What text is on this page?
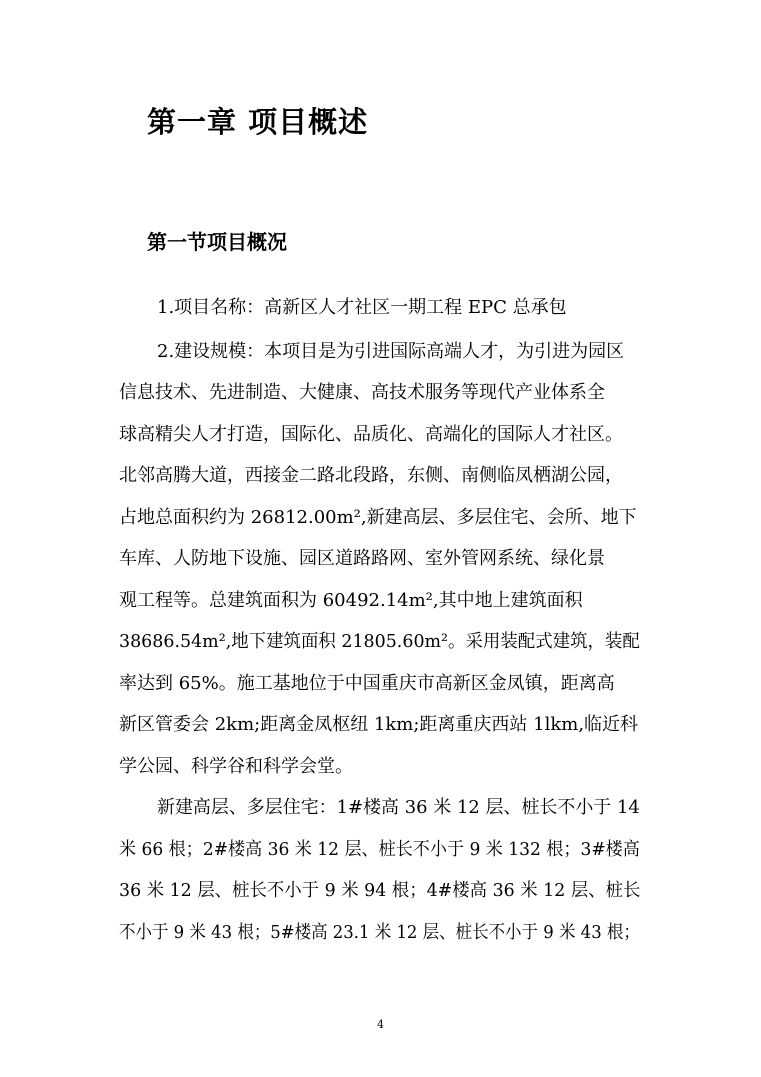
第一章 项目概述
第一节项目概况
1.项目名称：高新区人才社区一期工程 EPC 总承包
2.建设规模：本项目是为引进国际高端人才，为引进为园区
信息技术、先进制造、大健康、高技术服务等现代产业体系全
球高精尖人才打造，国际化、品质化、高端化的国际人才社区。
北邻高腾大道，西接金二路北段路，东侧、南侧临凤栖湖公园，
占地总面积约为 26812.00m²,新建高层、多层住宅、会所、地下
车库、人防地下设施、园区道路路网、室外管网系统、绿化景
观工程等。总建筑面积为 60492.14m²,其中地上建筑面积
38686.54m²,地下建筑面积 21805.60m²。采用装配式建筑，装配
率达到 65%。施工基地位于中国重庆市高新区金凤镇，距离高
新区管委会 2km;距离金凤枢纽 1km;距离重庆西站 1lkm,临近科
学公园、科学谷和科学会堂。
新建高层、多层住宅：1#楼高 36 米 12 层、桩长不小于 14
米 66 根；2#楼高 36 米 12 层、桩长不小于 9 米 132 根；3#楼高
36 米 12 层、桩长不小于 9 米 94 根；4#楼高 36 米 12 层、桩长
不小于 9 米 43 根；5#楼高 23.1 米 12 层、桩长不小于 9 米 43 根；
4
